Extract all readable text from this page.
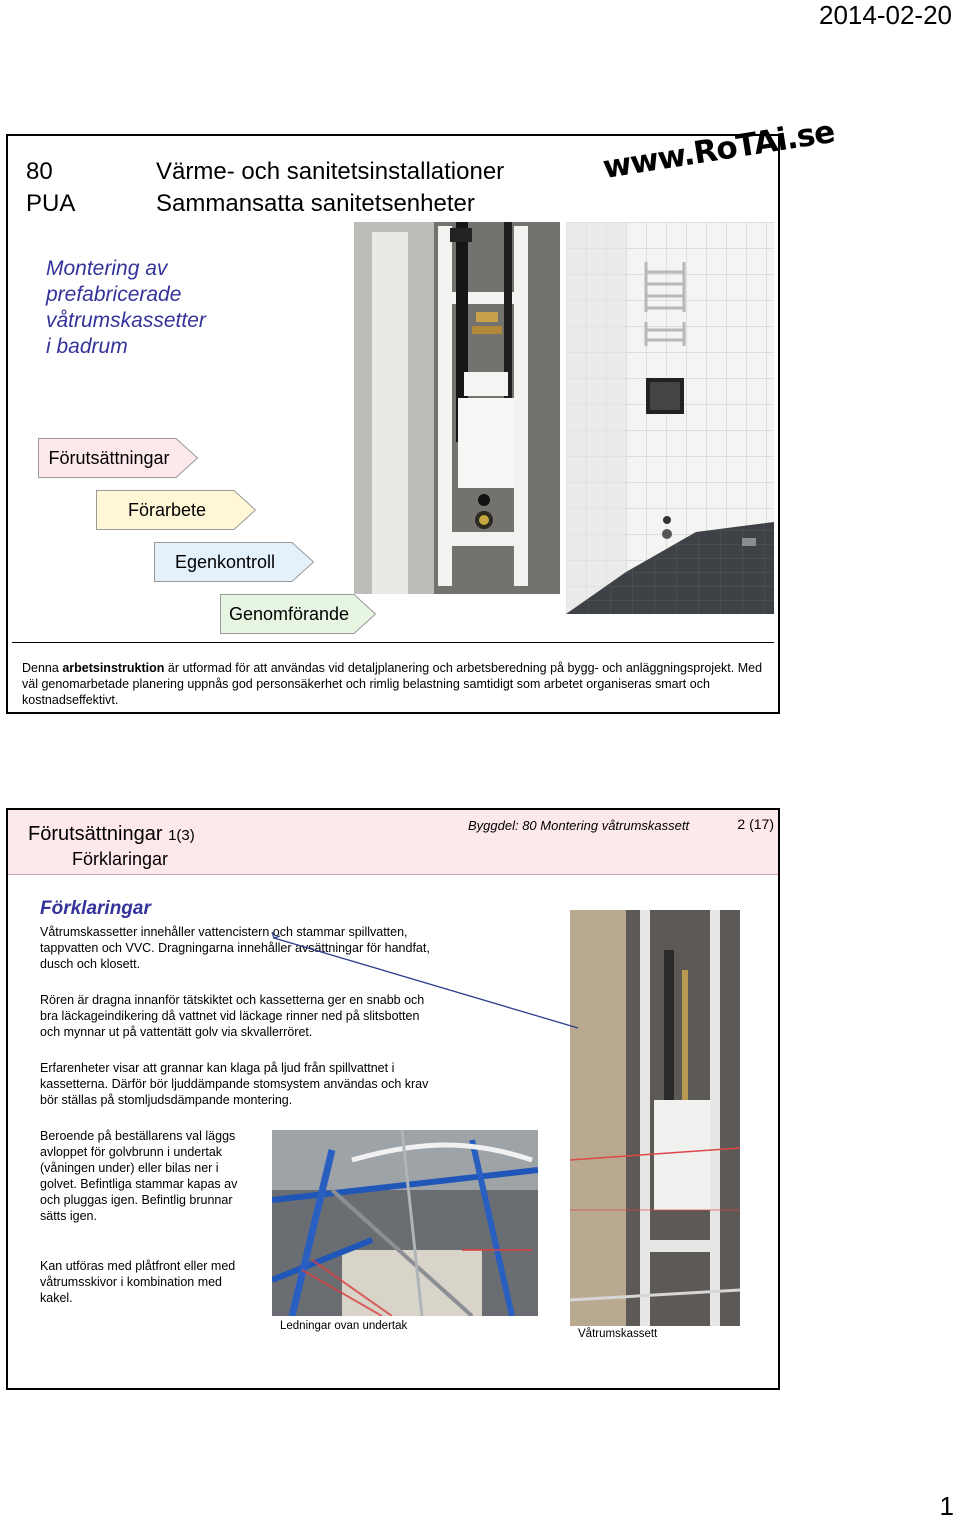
2014-02-20
80
PUA
Värme- och sanitetsinstallationer
Sammansatta sanitetsenheter
www.RoTAi.se
Montering av
prefabricerade
våtrumskassetter
i badrum
Förutsättningar
Förarbete
Egenkontroll
Genomförande
Denna arbetsinstruktion är utformad för att användas vid detaljplanering och arbetsberedning på bygg- och anläggningsprojekt. Med väl genomarbetade planering uppnås god personsäkerhet och rimlig belastning samtidigt som arbetet organiseras smart och kostnadseffektivt.
Förutsättningar 1(3)
Förklaringar
Byggdel: 80 Montering våtrumskassett	2 (17)
Förklaringar
Våtrumskassetter innehåller vattencistern och stammar spillvatten, tappvatten och VVC. Dragningarna innehåller avsättningar för handfat, dusch och klosett.
Rören är dragna innanför tätskiktet och kassetterna ger en snabb och bra läckageindikering då vattnet vid läckage rinner ned på slitsbotten och mynnar ut på vattentätt golv via skvallerröret.
Erfarenheter visar att grannar kan klaga på ljud från spillvattnet i kassetterna. Därför bör ljuddämpande stomsystem användas och krav bör ställas på stomljudsdämpande montering.
Beroende på beställarens val läggs avloppet för golvbrunn i undertak (våningen under) eller bilas ner i golvet. Befintliga stammar kapas av och pluggas igen. Befintlig brunnar sätts igen.
Kan utföras med plåtfront eller med våtrumsskivor i kombination med kakel.
Ledningar ovan undertak
Våtrumskassett
1
